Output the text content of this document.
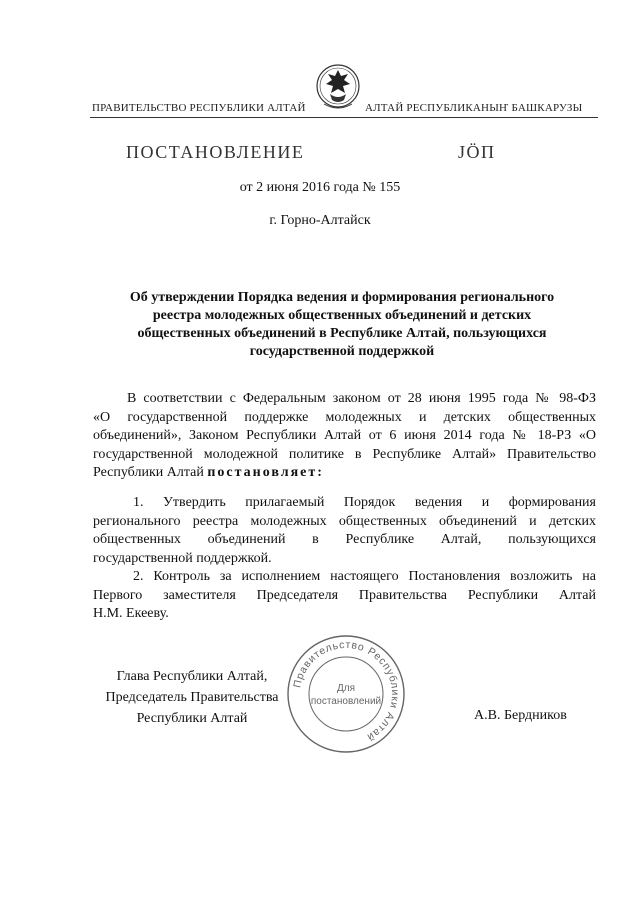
ПРАВИТЕЛЬСТВО РЕСПУБЛИКИ АЛТАЙ	АЛТАЙ РЕСПУБЛИКАНЫҤ БАШКАРУЗЫ
ПОСТАНОВЛЕНИЕ	ЈӦП
от 2 июня 2016 года № 155
г. Горно-Алтайск
Об утверждении Порядка ведения и формирования регионального
реестра молодежных общественных объединений и детских
общественных объединений в Республике Алтай, пользующихся
государственной поддержкой
В соответствии с Федеральным законом от 28 июня 1995 года № 98-ФЗ
«О государственной поддержке молодежных и детских общественных
объединений», Законом Республики Алтай от 6 июня 2014 года № 18-РЗ «О
государственной молодежной политике в Республике Алтай» Правительство
Республики Алтай постановляет:
1. Утвердить прилагаемый Порядок ведения и формирования
регионального реестра молодежных общественных объединений и детских
общественных объединений в Республике Алтай, пользующихся
государственной поддержкой.
2. Контроль за исполнением настоящего Постановления возложить на
Первого заместителя Председателя Правительства Республики Алтай
Н.М. Екееву.
Глава Республики Алтай,
Председатель Правительства
Республики Алтай	А.В. Бердников
Правительство Республики Алтай
Для
постановлений
